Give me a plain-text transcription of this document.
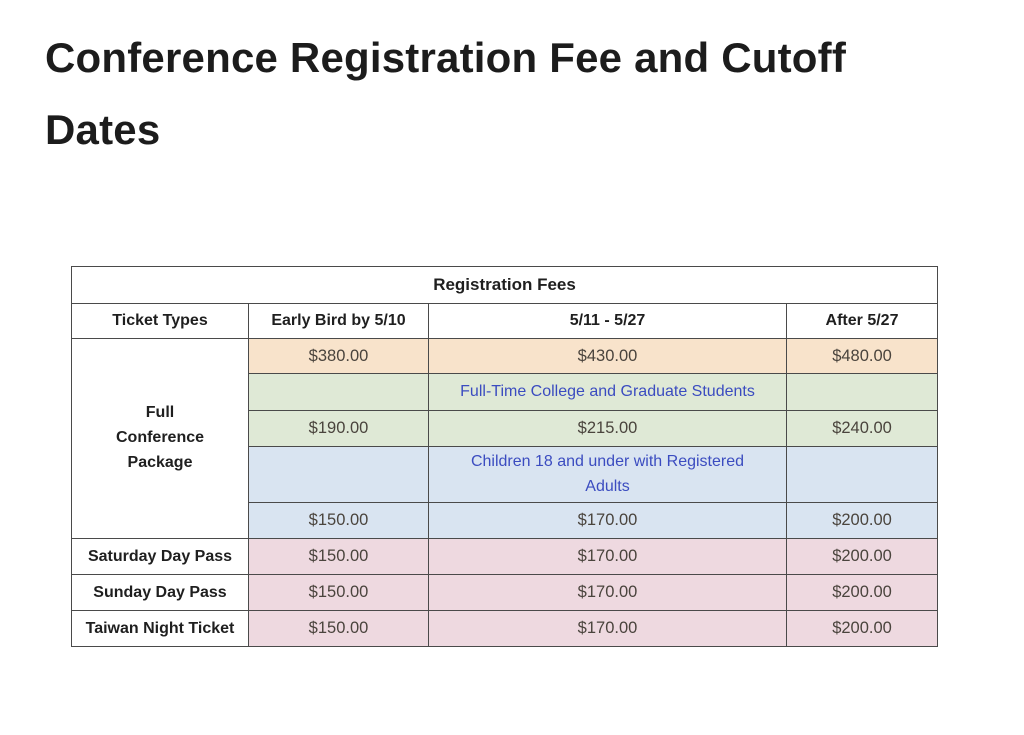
Conference Registration Fee and Cutoff
Dates
Registration Fees			
Ticket Types	Early Bird by 5/10	5/11 - 5/27	After 5/27
Full Conference Package	$380.00	$430.00	$480.00
		Full-Time College and Graduate Students	
	$190.00	$215.00	$240.00
		Children 18 and under with Registered Adults	
	$150.00	$170.00	$200.00
Saturday Day Pass	$150.00	$170.00	$200.00
Sunday Day Pass	$150.00	$170.00	$200.00
Taiwan Night Ticket	$150.00	$170.00	$200.00
